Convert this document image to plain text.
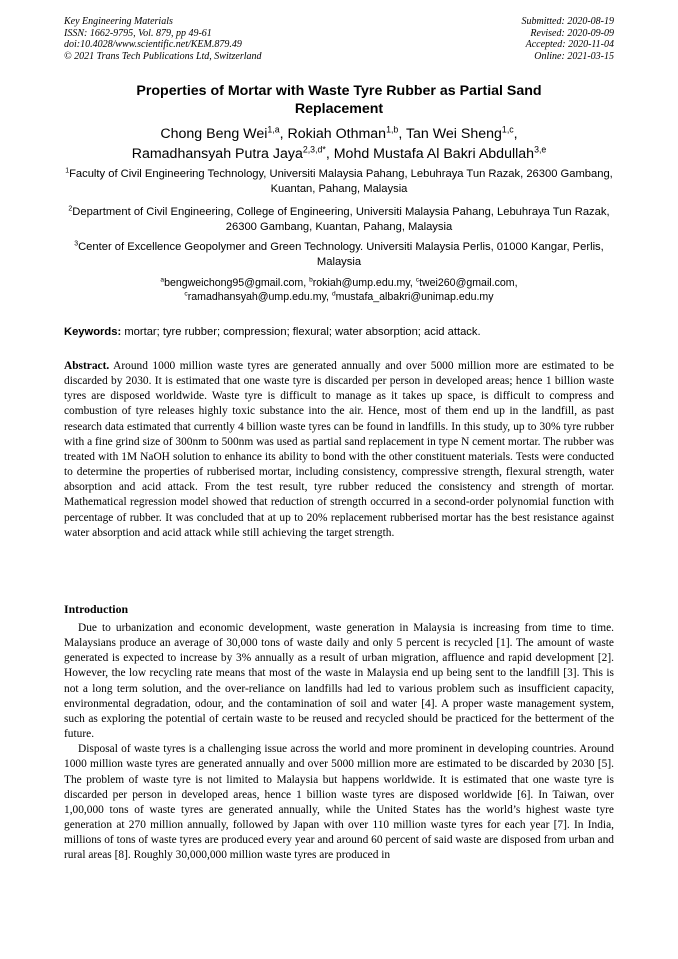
Key Engineering Materials
ISSN: 1662-9795, Vol. 879, pp 49-61
doi:10.4028/www.scientific.net/KEM.879.49
© 2021 Trans Tech Publications Ltd, Switzerland
Submitted: 2020-08-19
Revised: 2020-09-09
Accepted: 2020-11-04
Online: 2021-03-15
Properties of Mortar with Waste Tyre Rubber as Partial Sand
Replacement
Chong Beng Wei$^{1,a}$, Rokiah Othman$^{1,b}$, Tan Wei Sheng$^{1,c}$,
Ramadhansyah Putra Jaya$^{2,3,d*}$, Mohd Mustafa Al Bakri Abdullah$^{3,e}$
$^1$Faculty of Civil Engineering Technology, Universiti Malaysia Pahang, Lebuhraya Tun Razak, 26300 Gambang, Kuantan, Pahang, Malaysia
$^2$Department of Civil Engineering, College of Engineering, Universiti Malaysia Pahang, Lebuhraya Tun Razak, 26300 Gambang, Kuantan, Pahang, Malaysia
$^3$Center of Excellence Geopolymer and Green Technology. Universiti Malaysia Perlis, 01000 Kangar, Perlis, Malaysia
$^a$bengweichong95@gmail.com, $^b$rokiah@ump.edu.my, $^c$twei260@gmail.com,
$^c$ramadhansyah@ump.edu.my, $^d$mustafa_albakri@unimap.edu.my
Keywords: mortar; tyre rubber; compression; flexural; water absorption; acid attack.
Abstract. Around 1000 million waste tyres are generated annually and over 5000 million more are estimated to be discarded by 2030. It is estimated that one waste tyre is discarded per person in developed areas; hence 1 billion waste tyres are disposed worldwide. Waste tyre is difficult to manage as it takes up space, is difficult to compress and combustion of tyre releases highly toxic substance into the air. Hence, most of them end up in the landfill, as past research data estimated that currently 4 billion waste tyres can be found in landfills. In this study, up to 30% tyre rubber with a fine grind size of 300nm to 500nm was used as partial sand replacement in type N cement mortar. The rubber was treated with 1M NaOH solution to enhance its ability to bond with the other constituent materials. Tests were conducted to determine the properties of rubberised mortar, including consistency, compressive strength, flexural strength, water absorption and acid attack. From the test result, tyre rubber reduced the consistency and strength of mortar. Mathematical regression model showed that reduction of strength occurred in a second-order polynomial function with percentage of rubber. It was concluded that at up to 20% replacement rubberised mortar has the best resistance against water absorption and acid attack while still achieving the target strength.
Introduction

Due to urbanization and economic development, waste generation in Malaysia is increasing from time to time. Malaysians produce an average of 30,000 tons of waste daily and only 5 percent is recycled [1]. The amount of waste generated is expected to increase by 3% annually as a result of urban migration, affluence and rapid development [2]. However, the low recycling rate means that most of the waste in Malaysia end up being sent to the landfill [3]. This is not a long term solution, and the over-reliance on landfills had led to various problem such as insufficient capacity, environmental degradation, odour, and the contamination of soil and water [4]. A proper waste management system, such as exploring the potential of certain waste to be reused and recycled should be practiced for the betterment of the future.

Disposal of waste tyres is a challenging issue across the world and more prominent in developing countries. Around 1000 million waste tyres are generated annually and over 5000 million more are estimated to be discarded by 2030 [5]. The problem of waste tyre is not limited to Malaysia but happens worldwide. It is estimated that one waste tyre is discarded per person in developed areas, hence 1 billion waste tyres are disposed worldwide [6]. In Taiwan, over 1,00,000 tons of waste tyres are generated annually, while the United States has the world’s highest waste tyre generation at 270 million annually, followed by Japan with over 110 million waste tyres for each year [7]. In India, millions of tons of waste tyres are produced every year and around 60 percent of said waste are disposed from urban and rural areas [8]. Roughly 30,000,000 million waste tyres are produced in
